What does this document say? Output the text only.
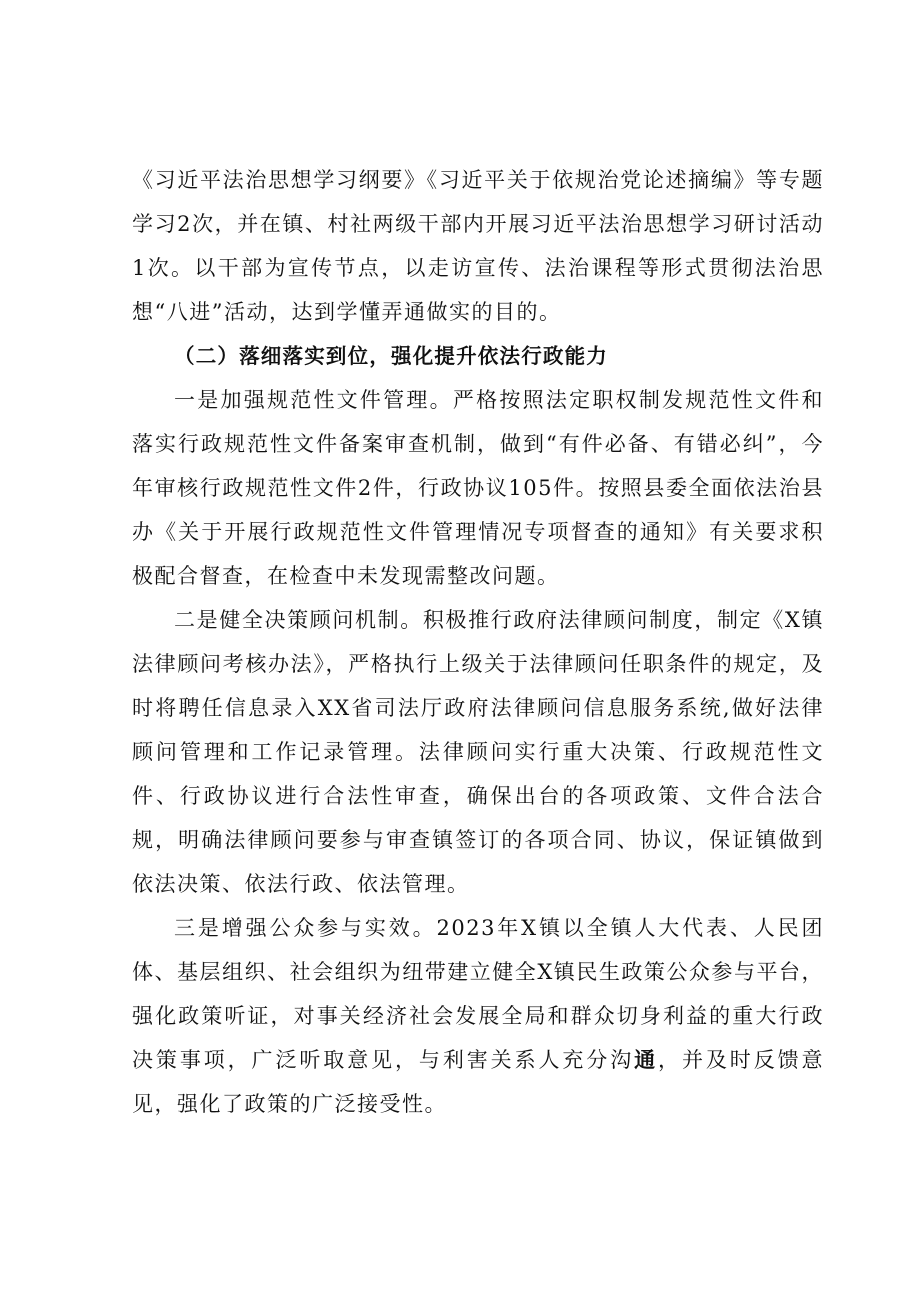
《习近平法治思想学习纲要》《习近平关于依规治党论述摘编》等专题学习2次，并在镇、村社两级干部内开展习近平法治思想学习研讨活动1次。以干部为宣传节点，以走访宣传、法治课程等形式贯彻法治思想“八进”活动，达到学懂弄通做实的目的。

（二）落细落实到位，强化提升依法行政能力

一是加强规范性文件管理。严格按照法定职权制发规范性文件和落实行政规范性文件备案审查机制，做到“有件必备、有错必纠”，今年审核行政规范性文件2件，行政协议105件。按照县委全面依法治县办《关于开展行政规范性文件管理情况专项督查的通知》有关要求积极配合督查，在检查中未发现需整改问题。

二是健全决策顾问机制。积极推行政府法律顾问制度，制定《X镇法律顾问考核办法》，严格执行上级关于法律顾问任职条件的规定，及时将聘任信息录入XX省司法厅政府法律顾问信息服务系统,做好法律顾问管理和工作记录管理。法律顾问实行重大决策、行政规范性文件、行政协议进行合法性审查，确保出台的各项政策、文件合法合规，明确法律顾问要参与审查镇签订的各项合同、协议，保证镇做到依法决策、依法行政、依法管理。

三是增强公众参与实效。2023年X镇以全镇人大代表、人民团体、基层组织、社会组织为纽带建立健全X镇民生政策公众参与平台，强化政策听证，对事关经济社会发展全局和群众切身利益的重大行政决策事项，广泛听取意见，与利害关系人充分沟通，并及时反馈意见，强化了政策的广泛接受性。
